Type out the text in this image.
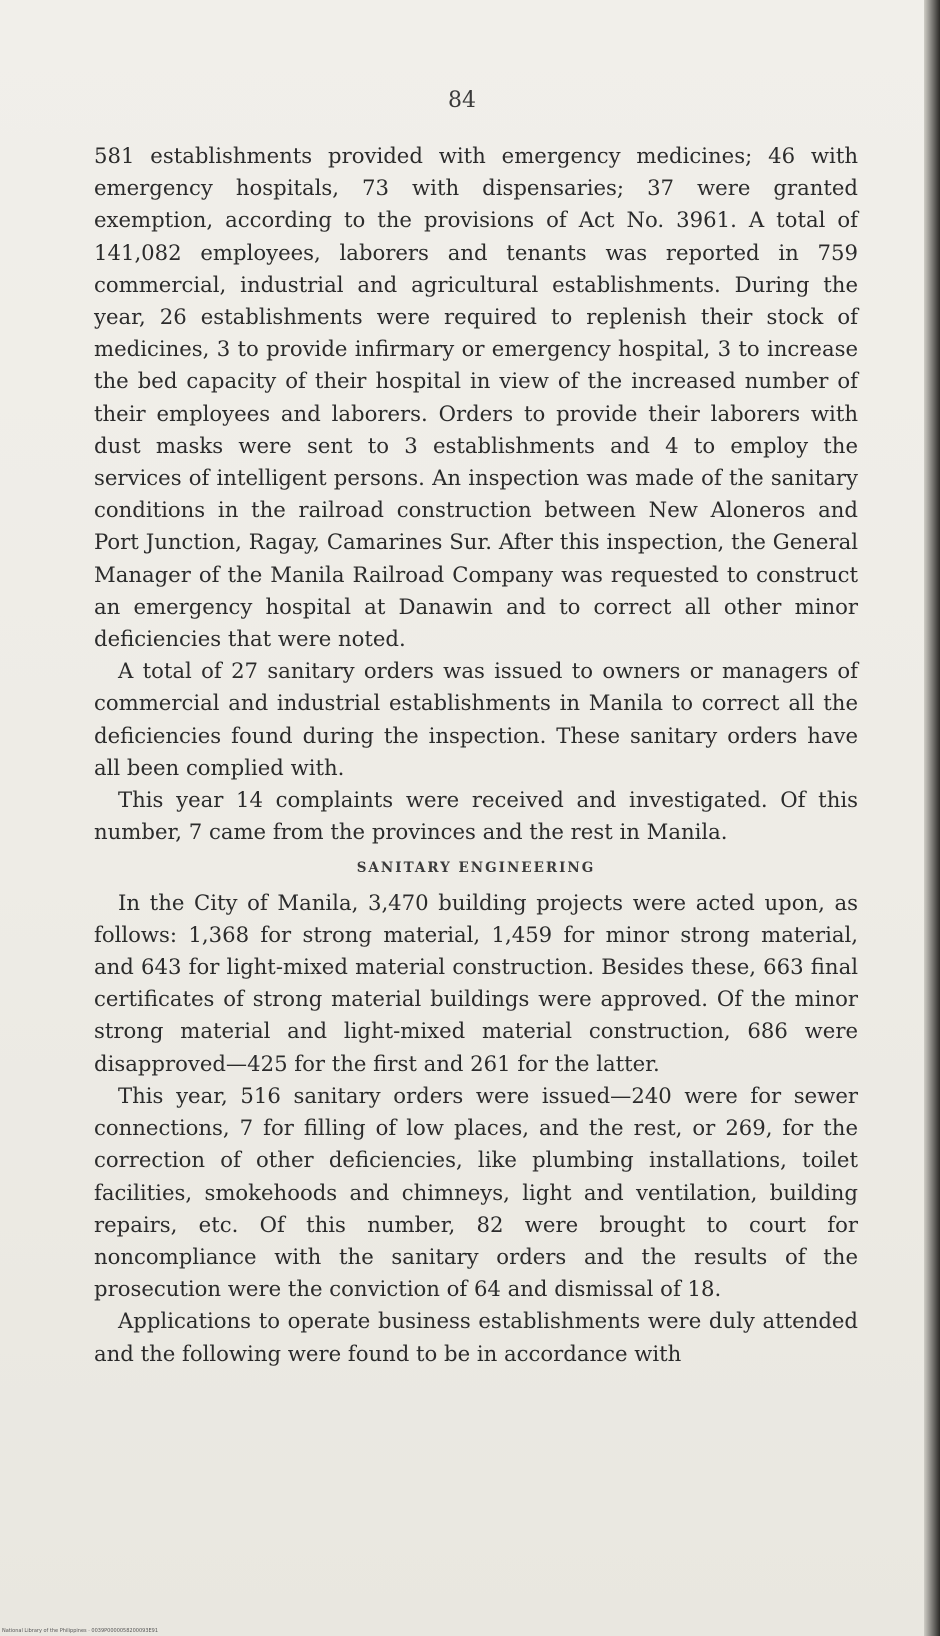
84

581 establishments provided with emergency medicines; 46 with emergency hospitals, 73 with dispensaries; 37 were granted exemption, according to the provisions of Act No. 3961. A total of 141,082 employees, laborers and tenants was reported in 759 commercial, industrial and agricultural establishments. During the year, 26 establishments were required to replenish their stock of medicines, 3 to provide infirmary or emergency hospital, 3 to increase the bed capacity of their hospital in view of the increased number of their employees and laborers. Orders to provide their laborers with dust masks were sent to 3 establishments and 4 to employ the services of intelligent persons. An inspection was made of the sanitary conditions in the railroad construction between New Aloneros and Port Junction, Ragay, Camarines Sur. After this inspection, the General Manager of the Manila Railroad Company was requested to construct an emergency hospital at Danawin and to correct all other minor deficiencies that were noted.

A total of 27 sanitary orders was issued to owners or managers of commercial and industrial establishments in Manila to correct all the deficiencies found during the inspection. These sanitary orders have all been complied with.

This year 14 complaints were received and investigated. Of this number, 7 came from the provinces and the rest in Manila.

SANITARY ENGINEERING

In the City of Manila, 3,470 building projects were acted upon, as follows: 1,368 for strong material, 1,459 for minor strong material, and 643 for light-mixed material construction. Besides these, 663 final certificates of strong material buildings were approved. Of the minor strong material and light-mixed material construction, 686 were disapproved—425 for the first and 261 for the latter.

This year, 516 sanitary orders were issued—240 were for sewer connections, 7 for filling of low places, and the rest, or 269, for the correction of other deficiencies, like plumbing installations, toilet facilities, smokehoods and chimneys, light and ventilation, building repairs, etc. Of this number, 82 were brought to court for noncompliance with the sanitary orders and the results of the prosecution were the conviction of 64 and dismissal of 18.

Applications to operate business establishments were duly attended and the following were found to be in accordance with

National Library of the Philippines · 0039P0000058200093E91
